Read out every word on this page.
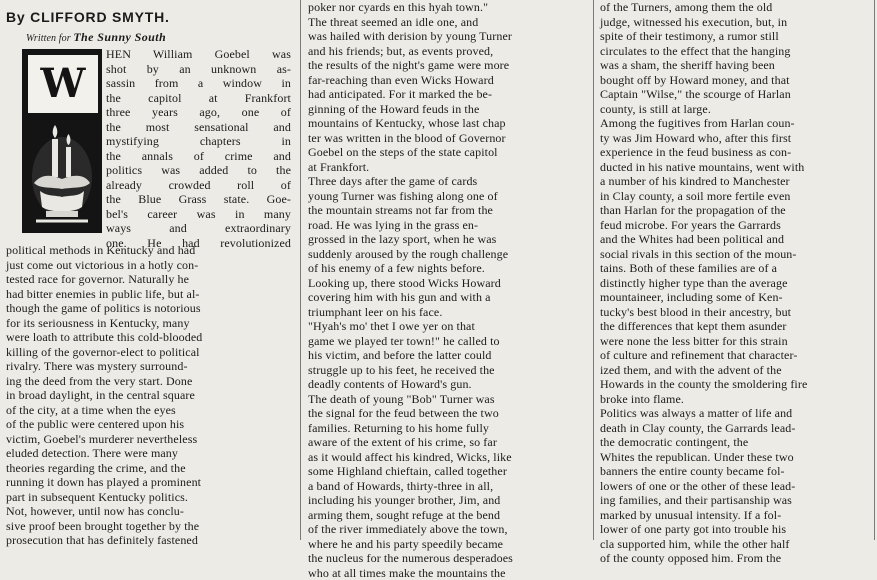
By CLIFFORD SMYTH.
Written for The Sunny South
W

HEN William Goebel was

shot by an unknown as-

sassin from a window in

the capitol at Frankfort

three years ago, one of

the most sensational and

mystifying chapters in

the annals of crime and

politics was added to the

already crowded roll of

the Blue Grass state. Goe-

bel's career was in many

ways and extraordinary

one. He had revolutionized

political methods in Kentucky and had

just come out victorious in a hotly con-

tested race for governor. Naturally he

had bitter enemies in public life, but al-

though the game of politics is notorious

for its seriousness in Kentucky, many

were loath to attribute this cold-blooded

killing of the governor-elect to political

rivalry. There was mystery surround-

ing the deed from the very start. Done

in broad daylight, in the central square

of the city, at a time when the eyes

of the public were centered upon his

victim, Goebel's murderer nevertheless

eluded detection. There were many

theories regarding the crime, and the

running it down has played a prominent

part in subsequent Kentucky politics.

Not, however, until now has conclu-

sive proof been brought together by the

prosecution that has definitely fastened

poker nor cyards en this hyah town."

The threat seemed an idle one, and

was hailed with derision by young Turner

and his friends; but, as events proved,

the results of the night's game were more

far-reaching than even Wicks Howard

had anticipated. For it marked the be-

ginning of the Howard feuds in the

mountains of Kentucky, whose last chap

ter was written in the blood of Governor

Goebel on the steps of the state capitol

at Frankfort.

Three days after the game of cards

young Turner was fishing along one of

the mountain streams not far from the

road. He was lying in the grass en-

grossed in the lazy sport, when he was

suddenly aroused by the rough challenge

of his enemy of a few nights before.

Looking up, there stood Wicks Howard

covering him with his gun and with a

triumphant leer on his face.

"Hyah's mo' thet I owe yer on that

game we played ter town!" he called to

his victim, and before the latter could

struggle up to his feet, he received the

deadly contents of Howard's gun.

The death of young "Bob" Turner was

the signal for the feud between the two

families. Returning to his home fully

aware of the extent of his crime, so far

as it would affect his kindred, Wicks, like

some Highland chieftain, called together

a band of Howards, thirty-three in all,

including his younger brother, Jim, and

arming them, sought refuge at the bend

of the river immediately above the town,

where he and his party speedily became

the nucleus for the numerous desperadoes

who at all times make the mountains the

of the Turners, among them the old

judge, witnessed his execution, but, in

spite of their testimony, a rumor still

circulates to the effect that the hanging

was a sham, the sheriff having been

bought off by Howard money, and that

Captain "Wilse," the scourge of Harlan

county, is still at large.

Among the fugitives from Harlan coun-

ty was Jim Howard who, after this first

experience in the feud business as con-

ducted in his native mountains, went with

a number of his kindred to Manchester

in Clay county, a soil more fertile even

than Harlan for the propagation of the

feud microbe. For years the Garrards

and the Whites had been political and

social rivals in this section of the moun-

tains. Both of these families are of a

distinctly higher type than the average

mountaineer, including some of Ken-

tucky's best blood in their ancestry, but

the differences that kept them asunder

were none the less bitter for this strain

of culture and refinement that character-

ized them, and with the advent of the

Howards in the county the smoldering fire

broke into flame.

Politics was always a matter of life and

death in Clay county, the Garrards lead-

the democratic contingent, the

Whites the republican. Under these two

banners the entire county became fol-

lowers of one or the other of these lead-

ing families, and their partisanship was

marked by unusual intensity. If a fol-

lower of one party got into trouble his

cla supported him, while the other half

of the county opposed him. From the
